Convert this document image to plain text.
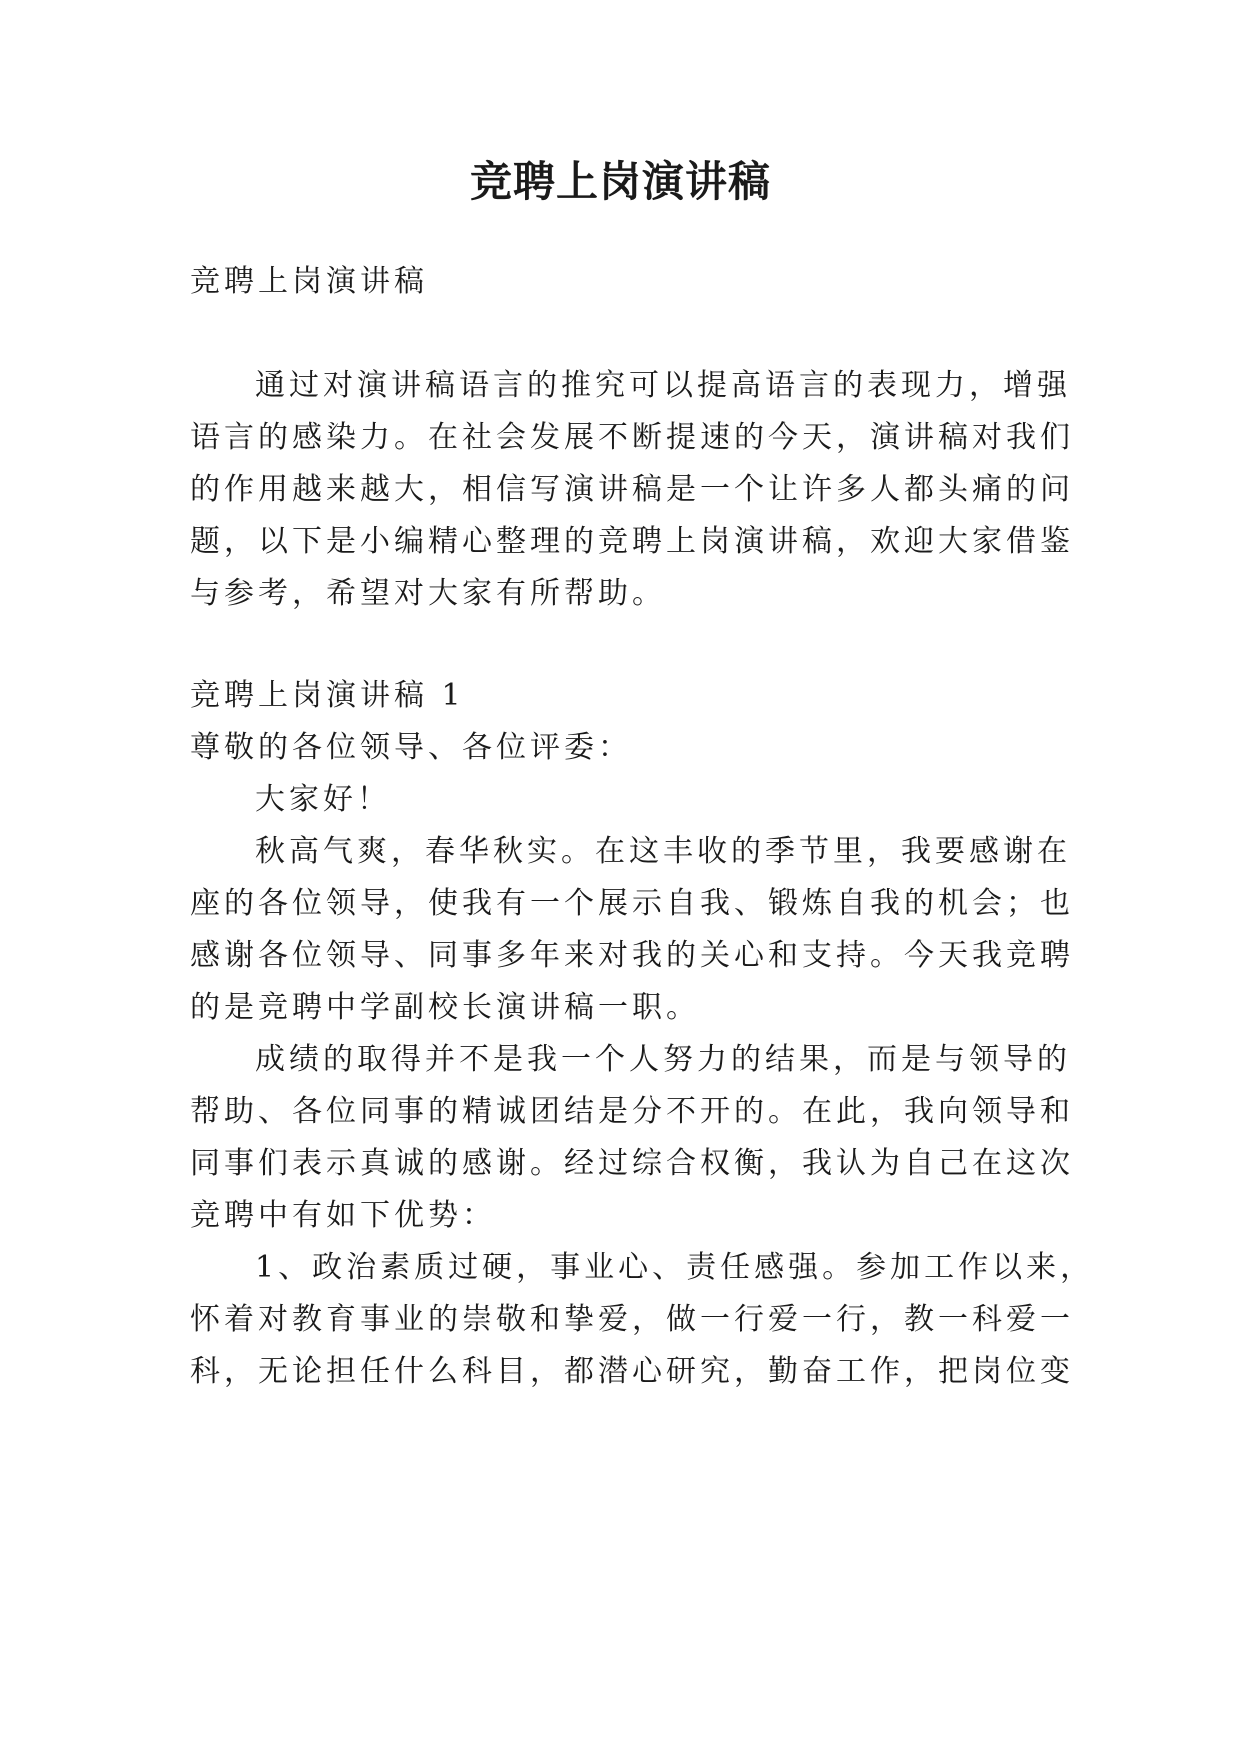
竞聘上岗演讲稿

竞聘上岗演讲稿

通过对演讲稿语言的推究可以提高语言的表现力，增强

语言的感染力。在社会发展不断提速的今天，演讲稿对我们

的作用越来越大，相信写演讲稿是一个让许多人都头痛的问

题，以下是小编精心整理的竞聘上岗演讲稿，欢迎大家借鉴

与参考，希望对大家有所帮助。

竞聘上岗演讲稿 1

尊敬的各位领导、各位评委：

大家好！

秋高气爽，春华秋实。在这丰收的季节里，我要感谢在

座的各位领导，使我有一个展示自我、锻炼自我的机会；也

感谢各位领导、同事多年来对我的关心和支持。今天我竞聘

的是竞聘中学副校长演讲稿一职。

成绩的取得并不是我一个人努力的结果，而是与领导的

帮助、各位同事的精诚团结是分不开的。在此，我向领导和

同事们表示真诚的感谢。经过综合权衡，我认为自己在这次

竞聘中有如下优势：

1、政治素质过硬，事业心、责任感强。参加工作以来，

怀着对教育事业的崇敬和挚爱，做一行爱一行，教一科爱一

科，无论担任什么科目，都潜心研究，勤奋工作，把岗位变
